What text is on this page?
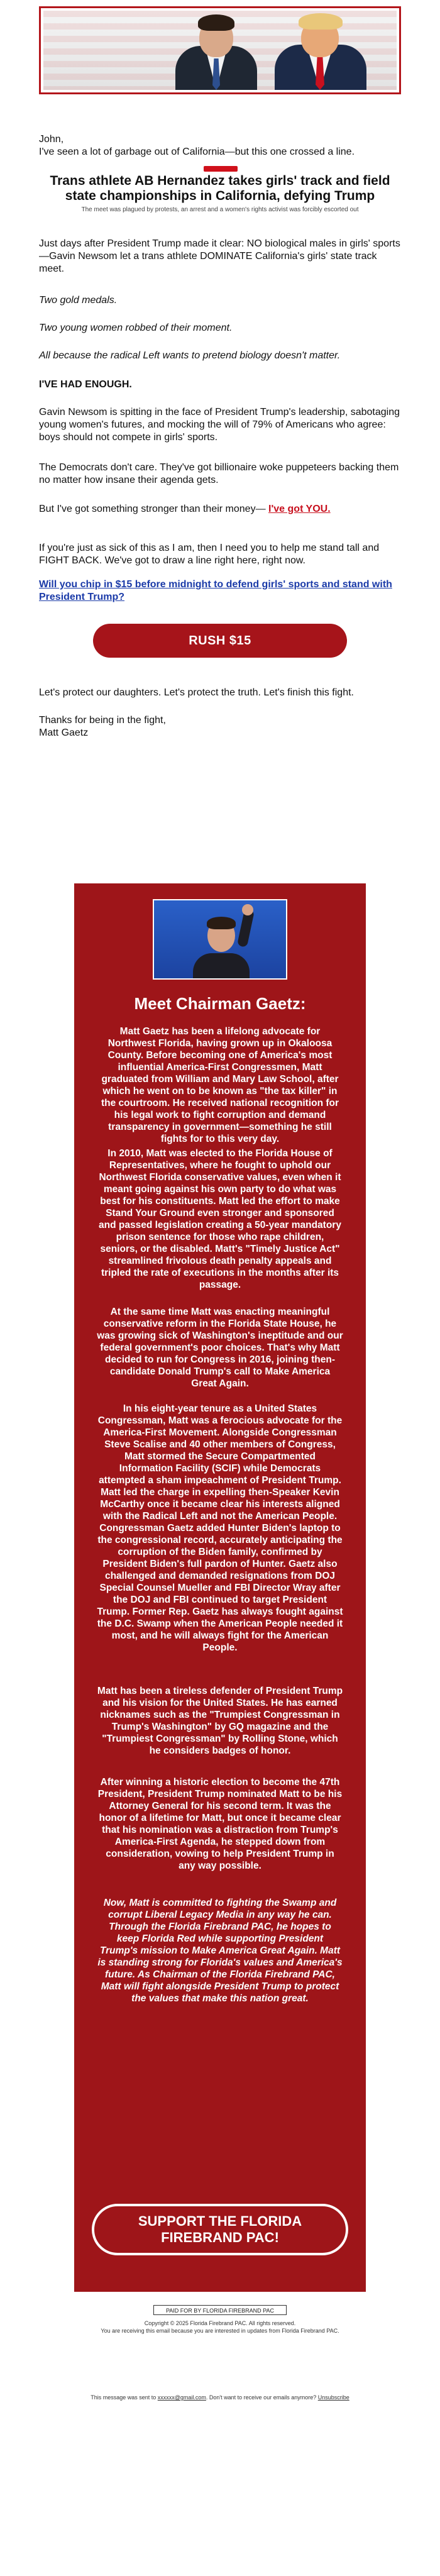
John,

I've seen a lot of garbage out of California—but this one crossed a line.

Trans athlete AB Hernandez takes girls' track and field state championships in California, defying Trump
The meet was plagued by protests, an arrest and a women's rights activist was forcibly escorted out

Just days after President Trump made it clear: NO biological males in girls' sports—Gavin Newsom let a trans athlete DOMINATE California's girls' state track meet.

Two gold medals.

Two young women robbed of their moment.

All because the radical Left wants to pretend biology doesn't matter.

I'VE HAD ENOUGH.

Gavin Newsom is spitting in the face of President Trump's leadership, sabotaging young women's futures, and mocking the will of 79% of Americans who agree: boys should not compete in girls' sports.

The Democrats don't care. They've got billionaire woke puppeteers backing them no matter how insane their agenda gets.

But I've got something stronger than their money— I've got YOU.

If you're just as sick of this as I am, then I need you to help me stand tall and FIGHT BACK. We've got to draw a line right here, right now.

Will you chip in $15 before midnight to defend girls' sports and stand with President Trump?

RUSH $15

Let's protect our daughters. Let's protect the truth. Let's finish this fight.

Thanks for being in the fight,

Matt Gaetz

Meet Chairman Gaetz:

Matt Gaetz has been a lifelong advocate for Northwest Florida, having grown up in Okaloosa County. Before becoming one of America's most influential America-First Congressmen, Matt graduated from William and Mary Law School, after which he went on to be known as "the tax killer" in the courtroom. He received national recognition for his legal work to fight corruption and demand transparency in government—something he still fights for to this very day.

In 2010, Matt was elected to the Florida House of Representatives, where he fought to uphold our Northwest Florida conservative values, even when it meant going against his own party to do what was best for his constituents. Matt led the effort to make Stand Your Ground even stronger and sponsored and passed legislation creating a 50-year mandatory prison sentence for those who rape children, seniors, or the disabled. Matt's "Timely Justice Act" streamlined frivolous death penalty appeals and tripled the rate of executions in the months after its passage.

At the same time Matt was enacting meaningful conservative reform in the Florida State House, he was growing sick of Washington's ineptitude and our federal government's poor choices. That's why Matt decided to run for Congress in 2016, joining then-candidate Donald Trump's call to Make America Great Again.

In his eight-year tenure as a United States Congressman, Matt was a ferocious advocate for the America-First Movement. Alongside Congressman Steve Scalise and 40 other members of Congress, Matt stormed the Secure Compartmented Information Facility (SCIF) while Democrats attempted a sham impeachment of President Trump. Matt led the charge in expelling then-Speaker Kevin McCarthy once it became clear his interests aligned with the Radical Left and not the American People. Congressman Gaetz added Hunter Biden's laptop to the congressional record, accurately anticipating the corruption of the Biden family, confirmed by President Biden's full pardon of Hunter. Gaetz also challenged and demanded resignations from DOJ Special Counsel Mueller and FBI Director Wray after the DOJ and FBI continued to target President Trump. Former Rep. Gaetz has always fought against the D.C. Swamp when the American People needed it most, and he will always fight for the American People.

Matt has been a tireless defender of President Trump and his vision for the United States. He has earned nicknames such as the "Trumpiest Congressman in Trump's Washington" by GQ magazine and the "Trumpiest Congressman" by Rolling Stone, which he considers badges of honor.

After winning a historic election to become the 47th President, President Trump nominated Matt to be his Attorney General for his second term. It was the honor of a lifetime for Matt, but once it became clear that his nomination was a distraction from Trump's America-First Agenda, he stepped down from consideration, vowing to help President Trump in any way possible.

Now, Matt is committed to fighting the Swamp and corrupt Liberal Legacy Media in any way he can. Through the Florida Firebrand PAC, he hopes to keep Florida Red while supporting President Trump's mission to Make America Great Again. Matt is standing strong for Florida's values and America's future. As Chairman of the Florida Firebrand PAC, Matt will fight alongside President Trump to protect the values that make this nation great.

SUPPORT THE FLORIDA FIREBRAND PAC!
PAID FOR BY FLORIDA FIREBRAND PAC
Copyright © 2025 Florida Firebrand PAC. All rights reserved.
You are receiving this email because you are interested in updates from Florida Firebrand PAC.
This message was sent to xxxxxx@gmail.com. Don't want to receive our emails anymore? Unsubscribe
